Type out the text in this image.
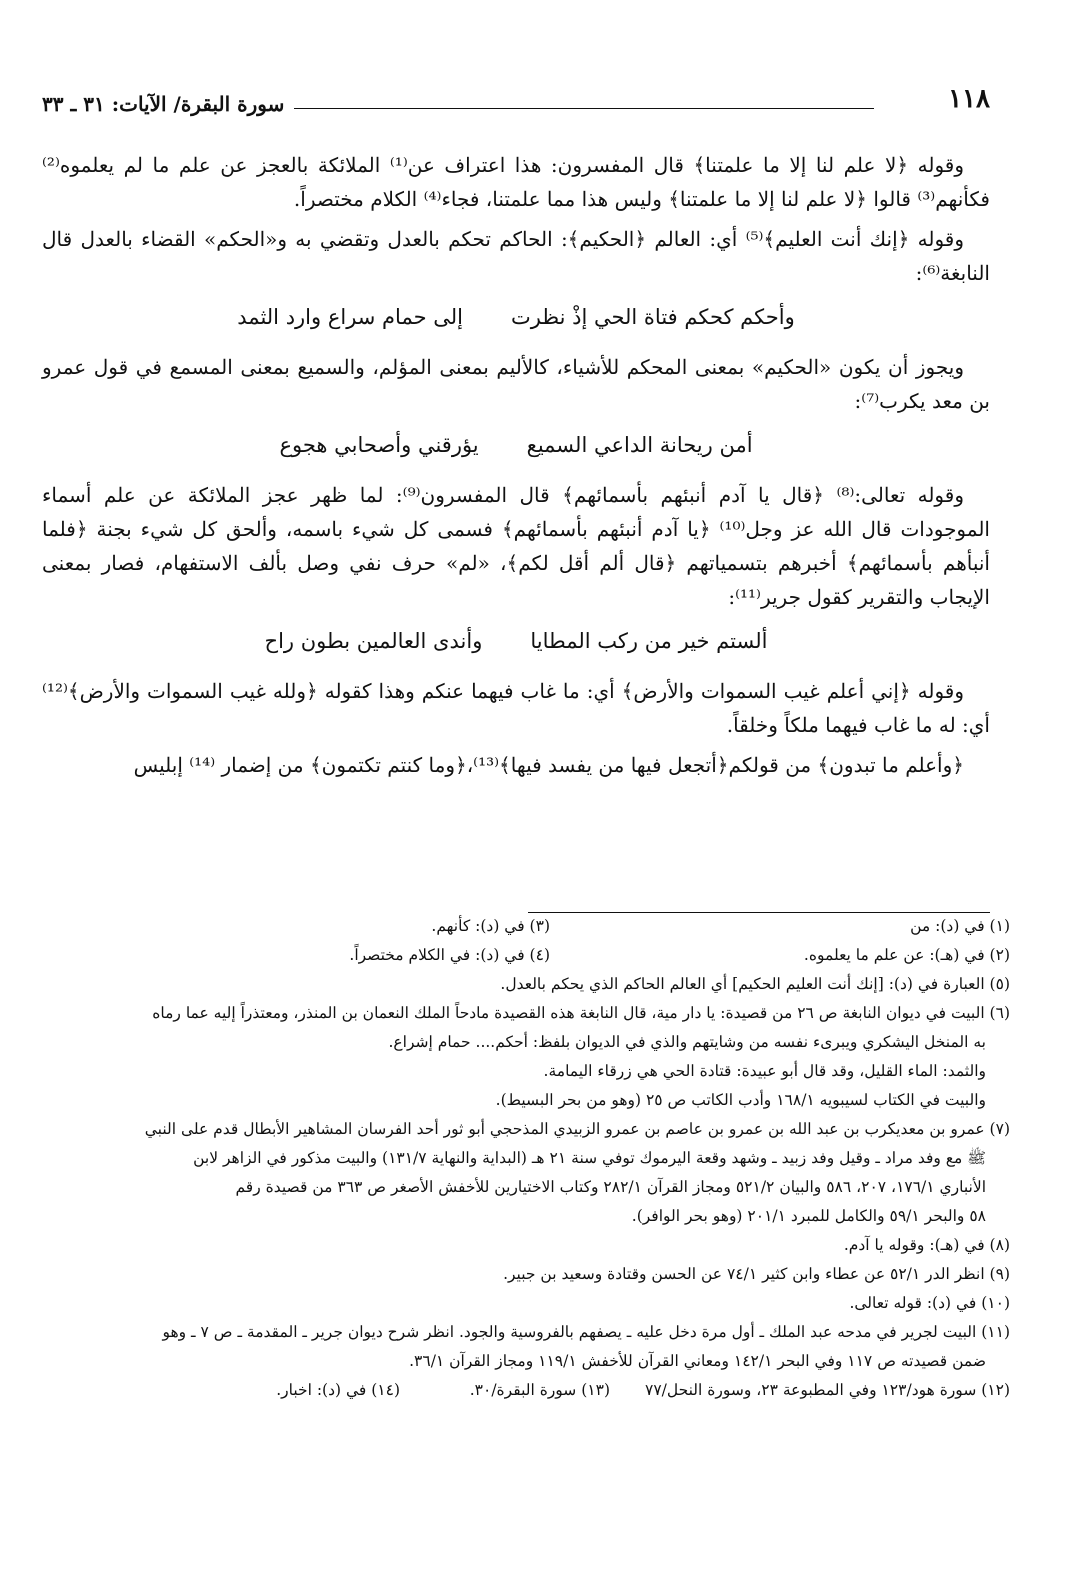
١١٨
سورة البقرة/ الآيات: ٣١ ـ ٣٣

وقوله ﴿لا علم لنا إلا ما علمتنا﴾ قال المفسرون: هذا اعتراف عن⁽¹⁾ الملائكة بالعجز عن علم ما لم يعلموه⁽²⁾ فكأنهم⁽³⁾ قالوا ﴿لا علم لنا إلا ما علمتنا﴾ وليس هذا مما علمتنا، فجاء⁽⁴⁾ الكلام مختصراً.

وقوله ﴿إنك أنت العليم﴾⁽⁵⁾ أي: العالم ﴿الحكيم﴾: الحاكم تحكم بالعدل وتقضي به و«الحكم» القضاء بالعدل قال النابغة⁽⁶⁾:

وأحكم كحكم فتاة الحي إذْ نظرت
إلى حمام سراع وارد الثمد

ويجوز أن يكون «الحكيم» بمعنى المحكم للأشياء، كالأليم بمعنى المؤلم، والسميع بمعنى المسمع في قول عمرو بن معد يكرب⁽⁷⁾:

أمن ريحانة الداعي السميع
يؤرقني وأصحابي هجوع

وقوله تعالى:⁽⁸⁾ ﴿قال يا آدم أنبئهم بأسمائهم﴾ قال المفسرون⁽⁹⁾: لما ظهر عجز الملائكة عن علم أسماء الموجودات قال الله عز وجل⁽¹⁰⁾ ﴿يا آدم أنبئهم بأسمائهم﴾ فسمى كل شيء باسمه، وألحق كل شيء بجنة ﴿فلما أنبأهم بأسمائهم﴾ أخبرهم بتسمياتهم ﴿قال ألم أقل لكم﴾، «لم» حرف نفي وصل بألف الاستفهام، فصار بمعنى الإيجاب والتقرير كقول جرير⁽¹¹⁾:

ألستم خير من ركب المطايا
وأندى العالمين بطون راح

وقوله ﴿إني أعلم غيب السموات والأرض﴾ أي: ما غاب فيهما عنكم وهذا كقوله ﴿ولله غيب السموات والأرض﴾⁽¹²⁾ أي: له ما غاب فيهما ملكاً وخلقاً.

﴿وأعلم ما تبدون﴾ من قولكم﴿أتجعل فيها من يفسد فيها﴾⁽¹³⁾،﴿وما كنتم تكتمون﴾ من إضمار ⁽¹⁴⁾ إبليس

(١) في (د): من
(٣) في (د): كأنهم.
(٢) في (هـ): عن علم ما يعلموه.
(٤) في (د): في الكلام مختصراً.

(٥) العبارة في (د): [إنك أنت العليم الحكيم] أي العالم الحاكم الذي يحكم بالعدل.

(٦) البيت في ديوان النابغة ص ٢٦ من قصيدة: يا دار مية، قال النابغة هذه القصيدة مادحاً الملك النعمان بن المنذر، ومعتذراً إليه عما رماه

به المنخل اليشكري ويبرىء نفسه من وشايتهم والذي في الديوان بلفظ: أحكم.... حمام إشراع.

والثمد: الماء القليل، وقد قال أبو عبيدة: قتادة الحي هي زرقاء اليمامة.

والبيت في الكتاب لسيبويه ١٦٨/١ وأدب الكاتب ص ٢٥ (وهو من بحر البسيط).

(٧) عمرو بن معديكرب بن عبد الله بن عمرو بن عاصم بن عمرو الزبيدي المذحجي أبو ثور أحد الفرسان المشاهير الأبطال قدم على النبي

ﷺ مع وفد مراد ـ وقيل وفد زبيد ـ وشهد وقعة اليرموك توفي سنة ٢١ هـ (البداية والنهاية ١٣١/٧) والبيت مذكور في الزاهر لابن

الأنباري ١٧٦/١، ٢٠٧، ٥٨٦ والبيان ٥٢١/٢ ومجاز القرآن ٢٨٢/١ وكتاب الاختيارين للأخفش الأصغر ص ٣٦٣ من قصيدة رقم

٥٨ والبحر ٥٩/١ والكامل للمبرد ٢٠١/١ (وهو بحر الوافر).

(٨) في (هـ): وقوله يا آدم.

(٩) انظر الدر ٥٢/١ عن عطاء وابن كثير ٧٤/١ عن الحسن وقتادة وسعيد بن جبير.

(١٠) في (د): قوله تعالى.

(١١) البيت لجرير في مدحه عبد الملك ـ أول مرة دخل عليه ـ يصفهم بالفروسية والجود. انظر شرح ديوان جرير ـ المقدمة ـ ص ٧ ـ وهو

ضمن قصيدته ص ١١٧ وفي البحر ١٤٢/١ ومعاني القرآن للأخفش ١١٩/١ ومجاز القرآن ٣٦/١.

(١٢) سورة هود/١٢٣ وفي المطبوعة ٢٣، وسورة النحل/٧٧
(١٣) سورة البقرة/٣٠.
(١٤) في (د): اخبار.
